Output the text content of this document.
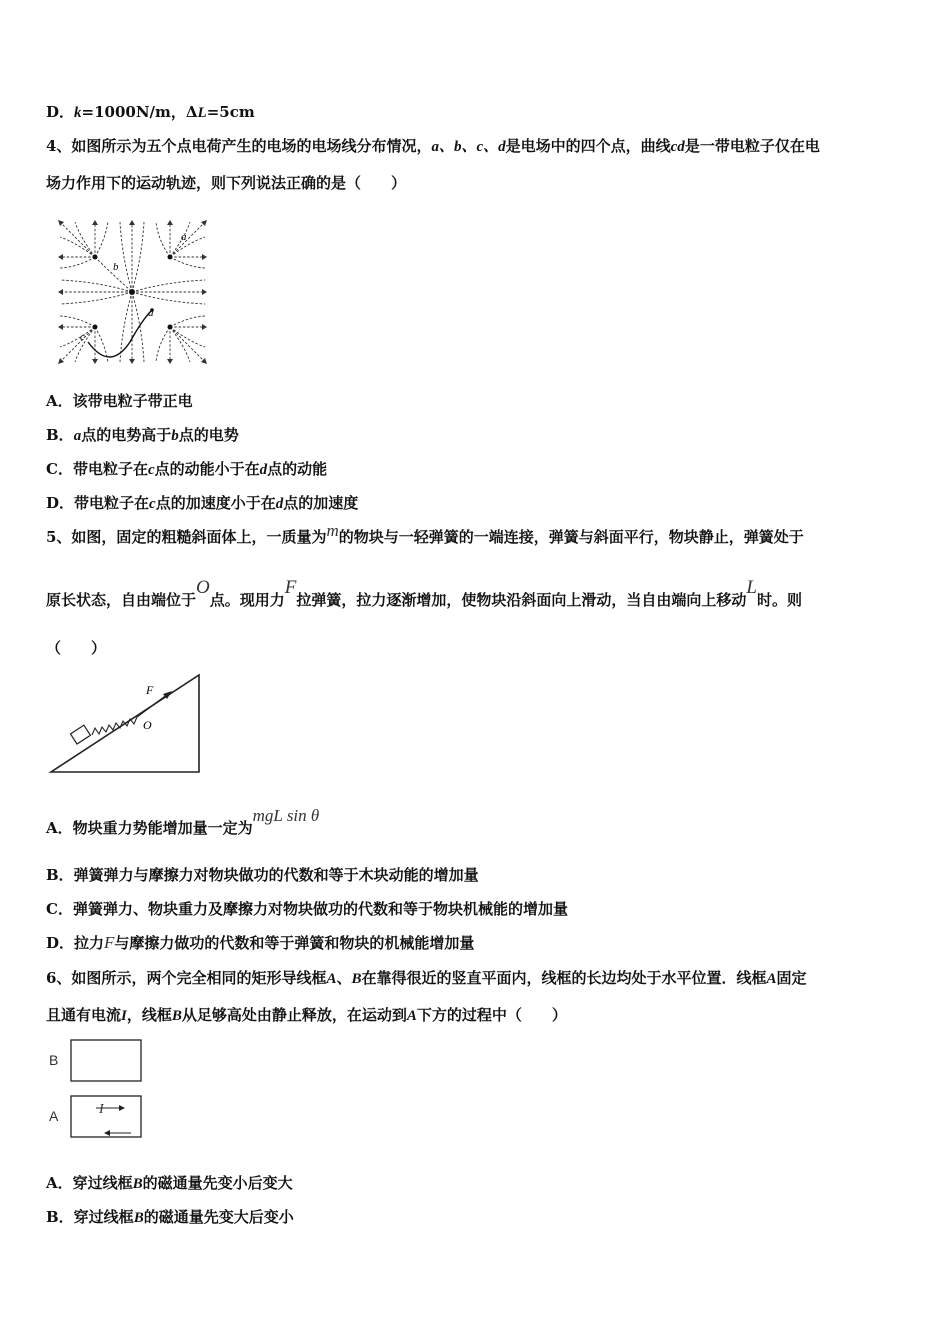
D．k=1000N/m，ΔL=5cm
4、如图所示为五个点电荷产生的电场的电场线分布情况，a、b、c、d是电场中的四个点，曲线cd是一带电粒子仅在电
场力作用下的运动轨迹，则下列说法正确的是（　　）
a
b
c
d
A．该带电粒子带正电
B．a点的电势高于b点的电势
C．带电粒子在c点的动能小于在d点的动能
D．带电粒子在c点的加速度小于在d点的加速度
5、如图，固定的粗糙斜面体上，一质量为m的物块与一轻弹簧的一端连接，弹簧与斜面平行，物块静止，弹簧处于
原长状态，自由端位于O点。现用力F拉弹簧，拉力逐渐增加，使物块沿斜面向上滑动，当自由端向上移动L时。则
（　　）
F
O
A．物块重力势能增加量一定为mgL sin θ
B．弹簧弹力与摩擦力对物块做功的代数和等于木块动能的增加量
C．弹簧弹力、物块重力及摩擦力对物块做功的代数和等于物块机械能的增加量
D．拉力F与摩擦力做功的代数和等于弹簧和物块的机械能增加量
6、如图所示，两个完全相同的矩形导线框A、B在靠得很近的竖直平面内，线框的长边均处于水平位置．线框A固定
且通有电流I，线框B从足够高处由静止释放，在运动到A下方的过程中（　　）
B
A	I
A．穿过线框B的磁通量先变小后变大
B．穿过线框B的磁通量先变大后变小
